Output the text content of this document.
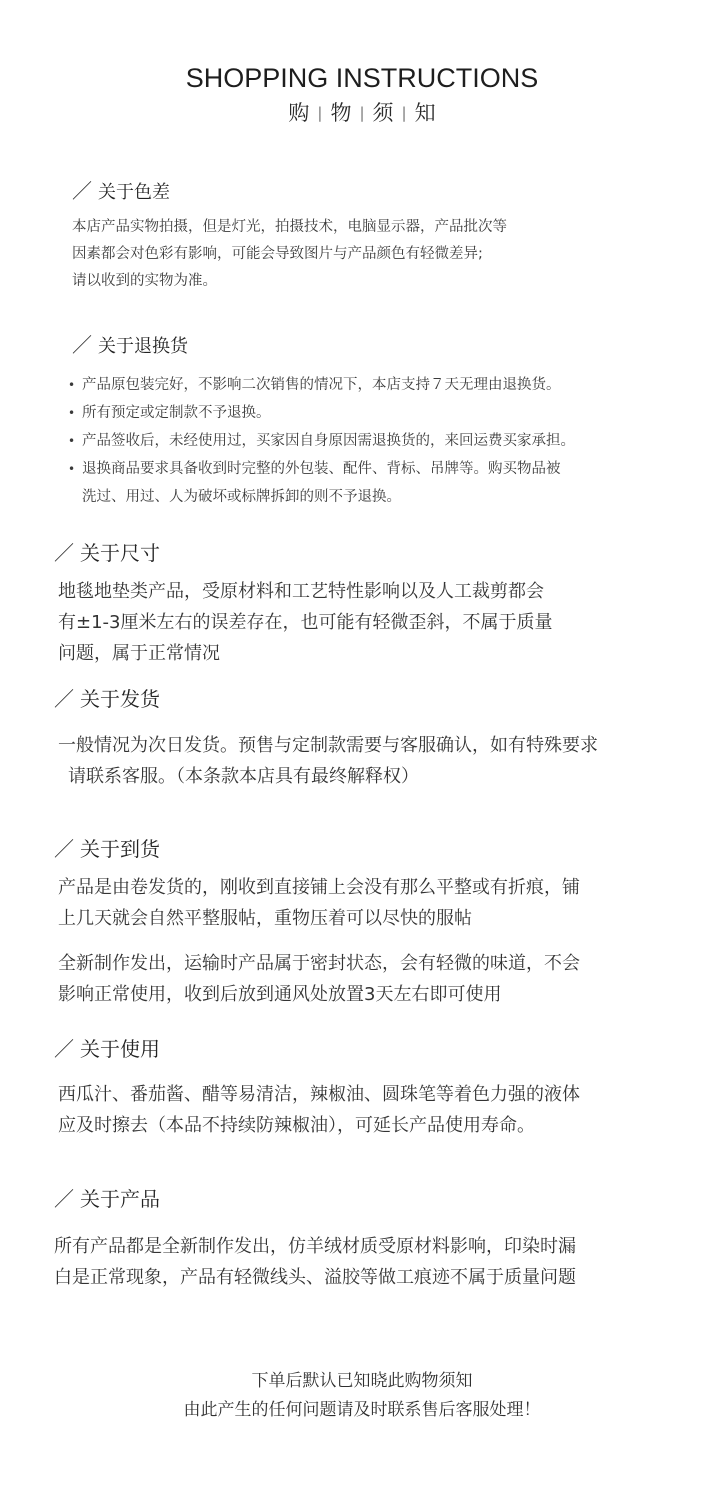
SHOPPING INSTRUCTIONS
购 | 物 | 须 | 知
／ 关于色差
本店产品实物拍摄，但是灯光，拍摄技术，电脑显示器，产品批次等
因素都会对色彩有影响，可能会导致图片与产品颜色有轻微差异;
请以收到的实物为准。
／ 关于退换货
• 产品原包装完好，不影响二次销售的情况下，本店支持７天无理由退换货。
• 所有预定或定制款不予退换。
• 产品签收后，未经使用过，买家因自身原因需退换货的，来回运费买家承担。
• 退换商品要求具备收到时完整的外包装、配件、背标、吊牌等。购买物品被
洗过、用过、人为破坏或标牌拆卸的则不予退换。
／ 关于尺寸
地毯地垫类产品，受原材料和工艺特性影响以及人工裁剪都会
有±1-3厘米左右的误差存在，也可能有轻微歪斜，不属于质量
问题，属于正常情况
／ 关于发货
一般情况为次日发货。预售与定制款需要与客服确认，如有特殊要求
请联系客服。（本条款本店具有最终解释权）
／ 关于到货
产品是由卷发货的，刚收到直接铺上会没有那么平整或有折痕，铺
上几天就会自然平整服帖，重物压着可以尽快的服帖
全新制作发出，运输时产品属于密封状态，会有轻微的味道，不会
影响正常使用，收到后放到通风处放置3天左右即可使用
／ 关于使用
西瓜汁、番茄酱、醋等易清洁，辣椒油、圆珠笔等着色力强的液体
应及时擦去（本品不持续防辣椒油），可延长产品使用寿命。
／ 关于产品
所有产品都是全新制作发出，仿羊绒材质受原材料影响，印染时漏
白是正常现象，产品有轻微线头、溢胶等做工痕迹不属于质量问题
下单后默认已知晓此购物须知
由此产生的任何问题请及时联系售后客服处理！
